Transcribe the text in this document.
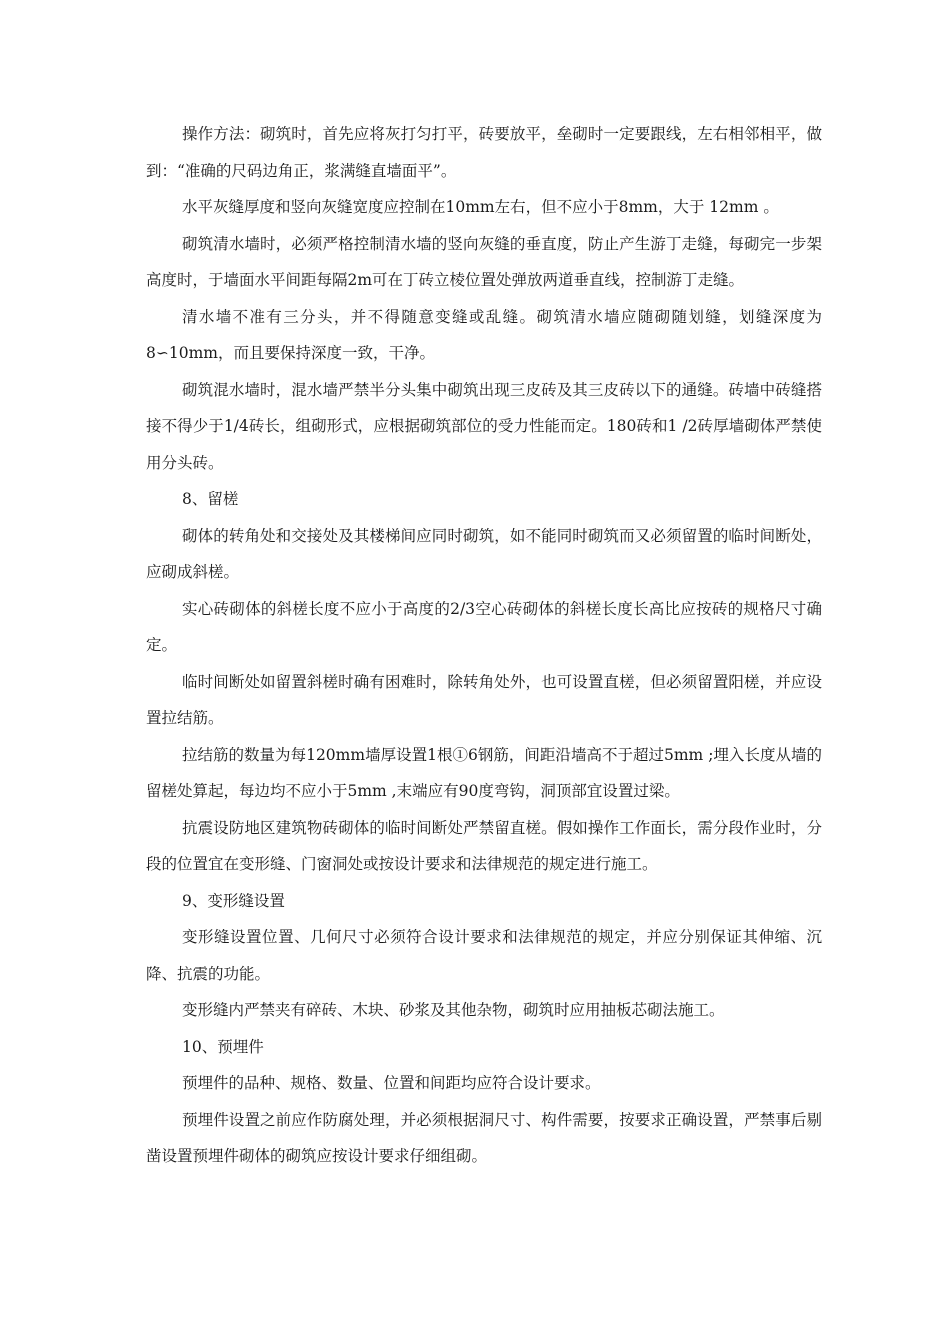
操作方法：砌筑时，首先应将灰打匀打平，砖要放平，垒砌时一定要跟线，左右相邻相平，做到：“准确的尺码边角正，浆满缝直墙面平”。

水平灰缝厚度和竖向灰缝宽度应控制在10mm左右，但不应小于8mm，大于 12mm 。

砌筑清水墙时，必须严格控制清水墙的竖向灰缝的垂直度，防止产生游丁走缝，每砌完一步架高度时，于墙面水平间距每隔2m可在丁砖立棱位置处弹放两道垂直线，控制游丁走缝。

清水墙不准有三分头，并不得随意变缝或乱缝。砌筑清水墙应随砌随划缝，划缝深度为8∽10mm，而且要保持深度一致，干净。

砌筑混水墙时，混水墙严禁半分头集中砌筑出现三皮砖及其三皮砖以下的通缝。砖墙中砖缝搭接不得少于1/4砖长，组砌形式，应根据砌筑部位的受力性能而定。180砖和1 /2砖厚墙砌体严禁使用分头砖。

8、留槎

砌体的转角处和交接处及其楼梯间应同时砌筑，如不能同时砌筑而又必须留置的临时间断处，应砌成斜槎。

实心砖砌体的斜槎长度不应小于高度的2/3空心砖砌体的斜槎长度长高比应按砖的规格尺寸确定。

临时间断处如留置斜槎时确有困难时，除转角处外，也可设置直槎，但必须留置阳槎，并应设置拉结筋。

拉结筋的数量为每120mm墙厚设置1根①6钢筋，间距沿墙高不于超过5mm ;埋入长度从墙的留槎处算起，每边均不应小于5mm ,末端应有90度弯钩，洞顶部宜设置过梁。

抗震设防地区建筑物砖砌体的临时间断处严禁留直槎。假如操作工作面长，需分段作业时，分段的位置宜在变形缝、门窗洞处或按设计要求和法律规范的规定进行施工。

9、变形缝设置

变形缝设置位置、几何尺寸必须符合设计要求和法律规范的规定，并应分别保证其伸缩、沉降、抗震的功能。

变形缝内严禁夹有碎砖、木块、砂浆及其他杂物，砌筑时应用抽板芯砌法施工。

10、预埋件

预埋件的品种、规格、数量、位置和间距均应符合设计要求。

预埋件设置之前应作防腐处理，并必须根据洞尺寸、构件需要，按要求正确设置，严禁事后剔凿设置预埋件砌体的砌筑应按设计要求仔细组砌。
